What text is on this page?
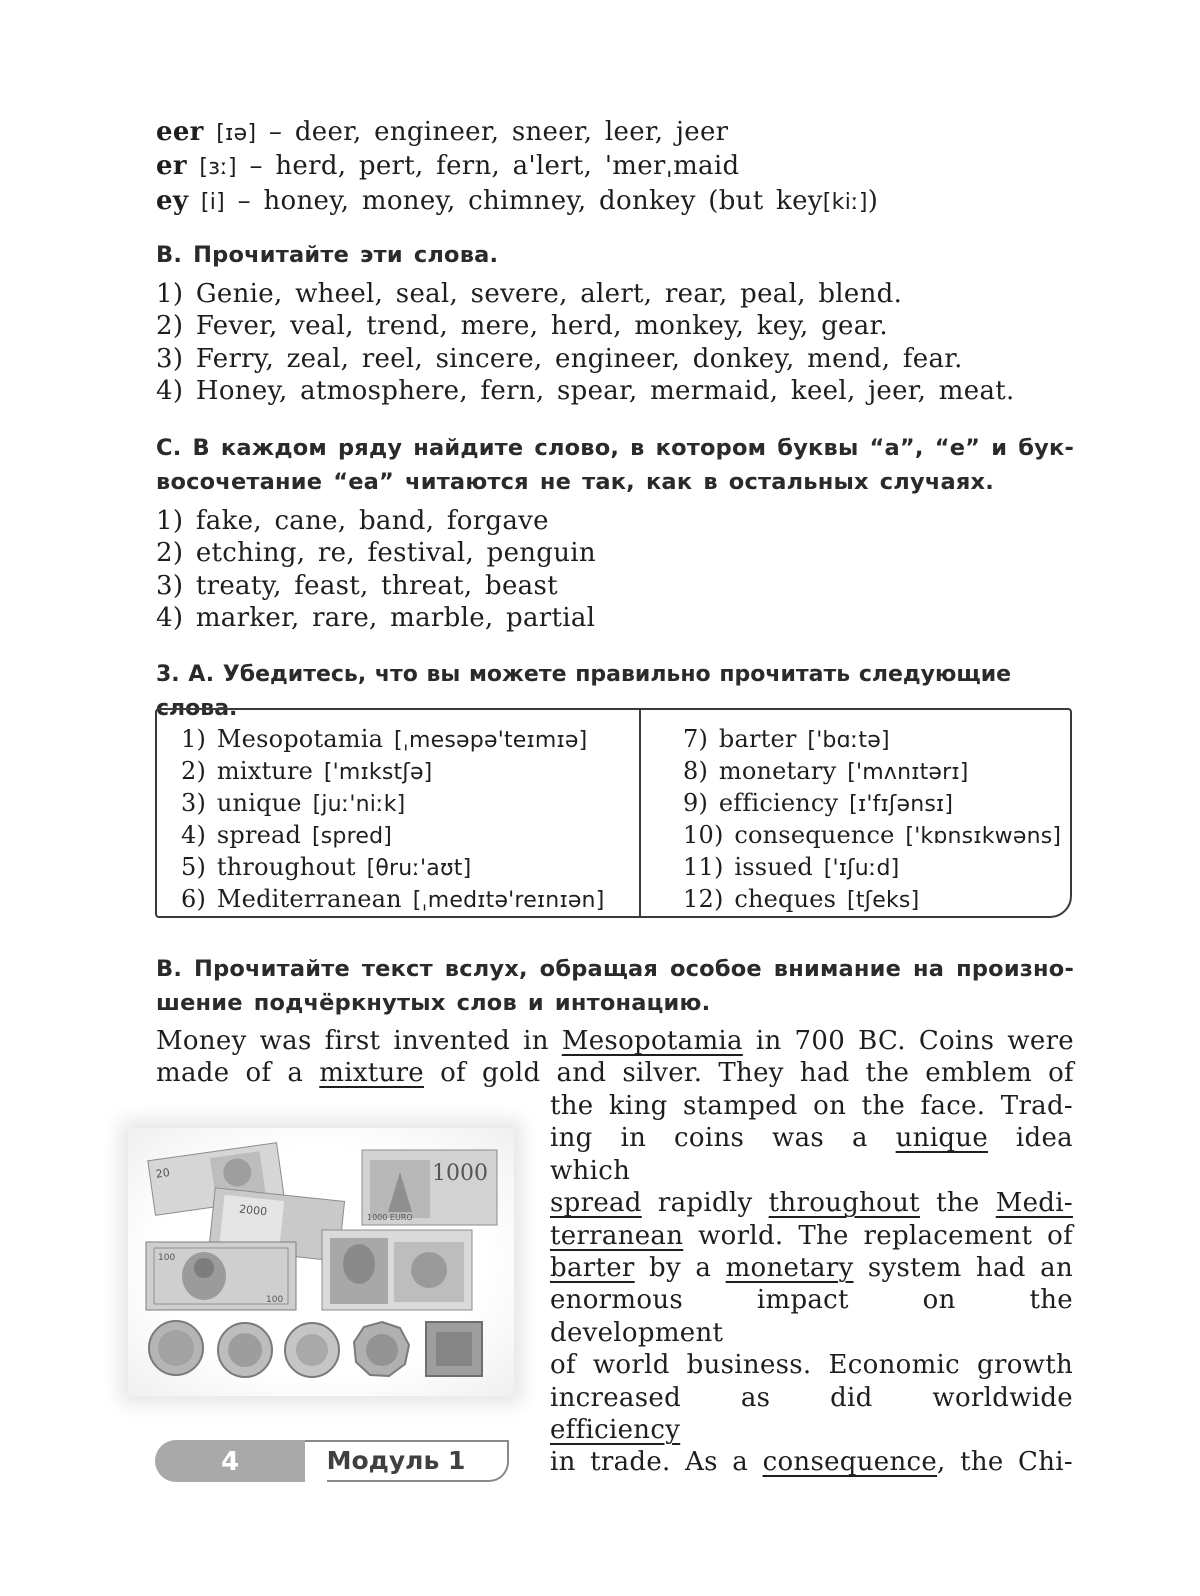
eer [ɪə] – deer, engineer, sneer, leer, jeer
er [ɜː] – herd, pert, fern, a'lert, 'merˌmaid
ey [i] – honey, money, chimney, donkey (but key[kiː])
B. Прочитайте эти слова.
1) Genie, wheel, seal, severe, alert, rear, peal, blend.
2) Fever, veal, trend, mere, herd, monkey, key, gear.
3) Ferry, zeal, reel, sincere, engineer, donkey, mend, fear.
4) Honey, atmosphere, fern, spear, mermaid, keel, jeer, meat.
C. В каждом ряду найдите слово, в котором буквы “a”, “e” и бук-
восочетание “ea” читаются не так, как в остальных случаях.
1) fake, cane, band, forgave
2) etching, re, festival, penguin
3) treaty, feast, threat, beast
4) marker, rare, marble, partial
3. A. Убедитесь, что вы можете правильно прочитать следующие слова.
1) Mesopotamia [ˌmesəpə'teɪmɪə]
2) mixture ['mɪkstʃə]
3) unique [juː'niːk]
4) spread [spred]
5) throughout [θruː'aʊt]
6) Mediterranean [ˌmedɪtə'reɪnɪən]
7) barter ['bɑːtə]
8) monetary ['mʌnɪtərɪ]
9) efficiency [ɪ'fɪʃənsɪ]
10) consequence ['kɒnsɪkwəns]
11) issued ['ɪʃuːd]
12) cheques [tʃeks]
B. Прочитайте текст вслух, обращая особое внимание на произно-
шение подчёркнутых слов и интонацию.
Money was first invented in Mesopotamia in 700 BC. Coins were
made of a mixture of gold and silver. They had the emblem of
the king stamped on the face. Trad-
ing in coins was a unique idea which
spread rapidly throughout the Medi-
terranean world. The replacement of
barter by a monetary system had an
enormous impact on the development
of world business. Economic growth
increased as did worldwide efficiency
in trade. As a consequence, the Chi-
20
2000
1000
1000 EURO
100
100
Модуль 1
4
